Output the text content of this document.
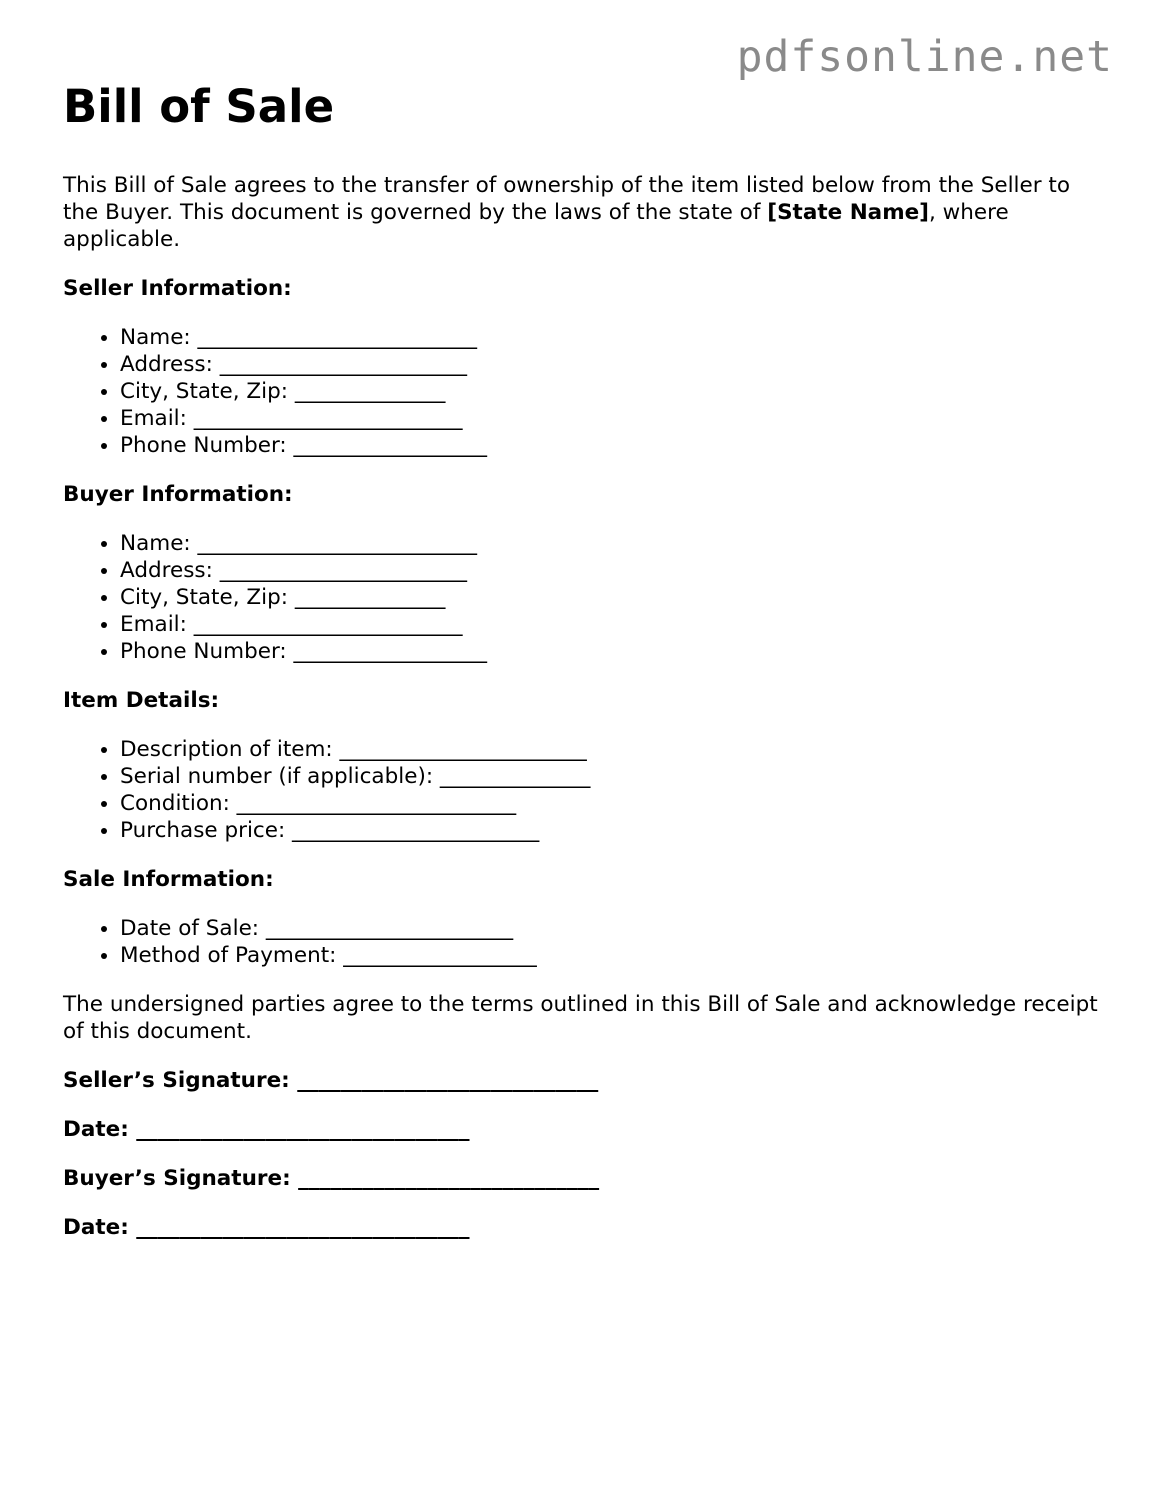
pdfsonline.net
Bill of Sale

This Bill of Sale agrees to the transfer of ownership of the item listed below from the Seller to the Buyer. This document is governed by the laws of the state of [State Name], where applicable.

Seller Information:
• Name: __________________________
• Address: _______________________
• City, State, Zip: ______________
• Email: _________________________
• Phone Number: __________________
Buyer Information:
• Name: __________________________
• Address: _______________________
• City, State, Zip: ______________
• Email: _________________________
• Phone Number: __________________
Item Details:
• Description of item: _______________________
• Serial number (if applicable): ______________
• Condition: __________________________
• Purchase price: _______________________
Sale Information:
• Date of Sale: _______________________
• Method of Payment: __________________

The undersigned parties agree to the terms outlined in this Bill of Sale and acknowledge receipt of this document.

Seller’s Signature: ____________________________
Date: _______________________________
Buyer’s Signature: ____________________________
Date: _______________________________
